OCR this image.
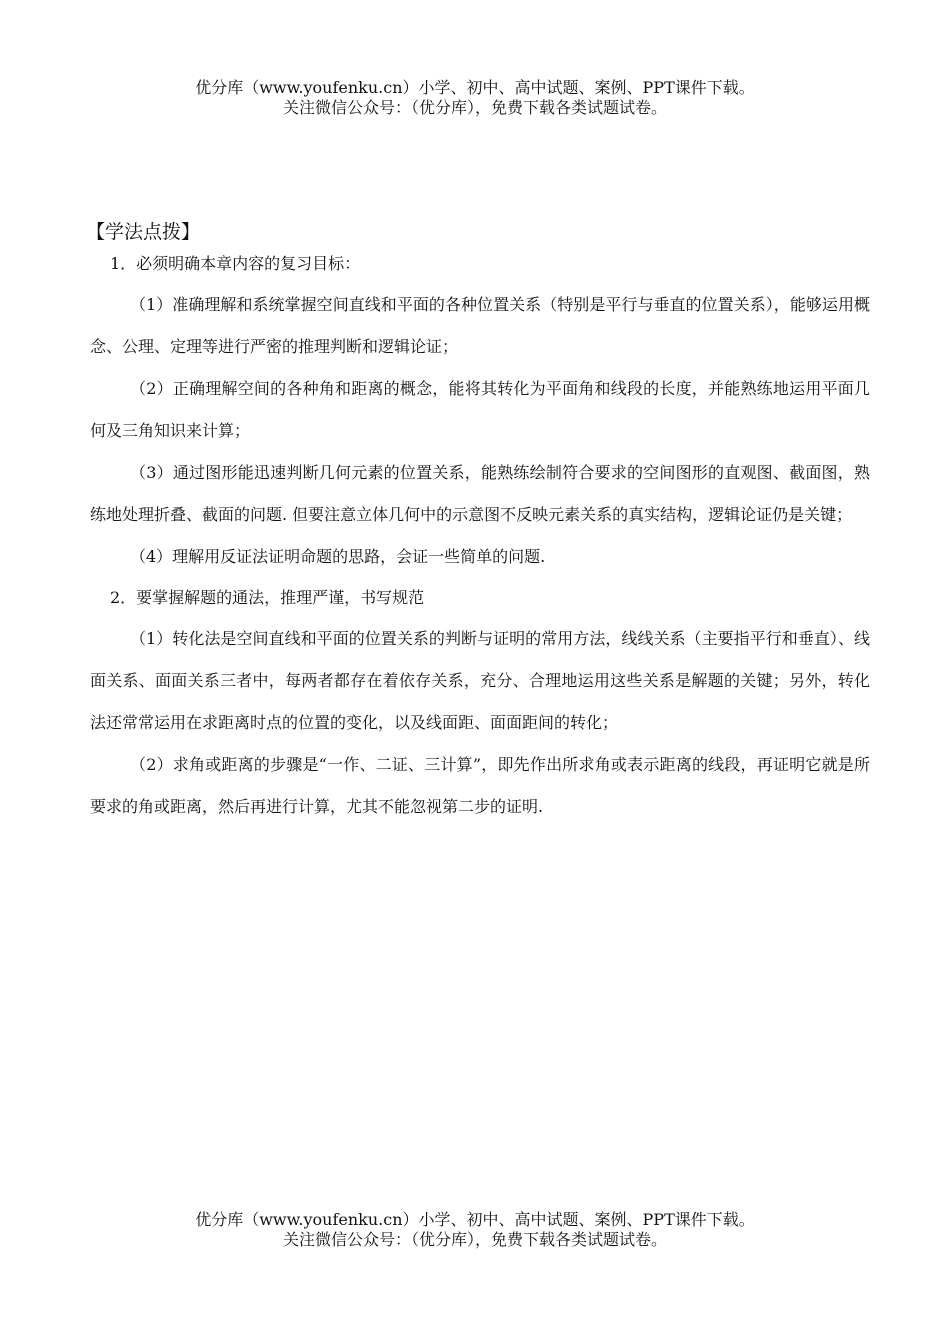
优分库（www.youfenku.cn）小学、初中、高中试题、案例、PPT课件下载。
关注微信公众号：（优分库），免费下载各类试题试卷。
【学法点拨】
1．必须明确本章内容的复习目标：

（1）准确理解和系统掌握空间直线和平面的各种位置关系（特别是平行与垂直的位置关系），能够运用概念、公理、定理等进行严密的推理判断和逻辑论证；

（2）正确理解空间的各种角和距离的概念，能将其转化为平面角和线段的长度，并能熟练地运用平面几何及三角知识来计算；

（3）通过图形能迅速判断几何元素的位置关系，能熟练绘制符合要求的空间图形的直观图、截面图，熟练地处理折叠、截面的问题. 但要注意立体几何中的示意图不反映元素关系的真实结构，逻辑论证仍是关键；

（4）理解用反证法证明命题的思路，会证一些简单的问题.

2．要掌握解题的通法，推理严谨，书写规范

（1）转化法是空间直线和平面的位置关系的判断与证明的常用方法，线线关系（主要指平行和垂直）、线面关系、面面关系三者中，每两者都存在着依存关系，充分、合理地运用这些关系是解题的关键；另外，转化法还常常运用在求距离时点的位置的变化，以及线面距、面面距间的转化；

（2）求角或距离的步骤是“一作、二证、三计算”，即先作出所求角或表示距离的线段，再证明它就是所要求的角或距离，然后再进行计算，尤其不能忽视第二步的证明.

优分库（www.youfenku.cn）小学、初中、高中试题、案例、PPT课件下载。
关注微信公众号：（优分库），免费下载各类试题试卷。
